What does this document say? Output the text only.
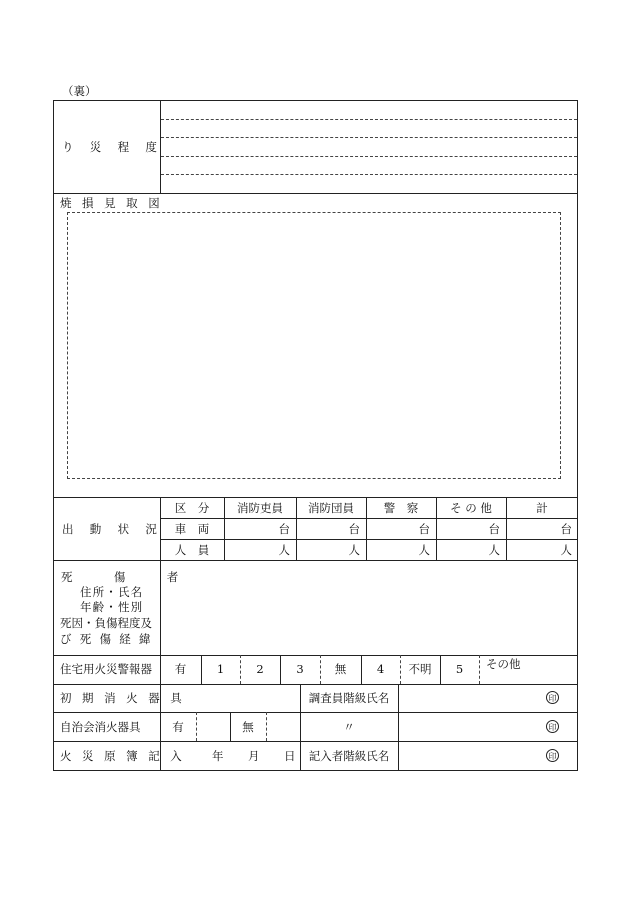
（裏）
り 災 程 度
焼 損 見 取 図
出 動 状 況
区　分	消防吏員	消防団員	警　察	そ の 他	計
車　両	台	台	台	台	台
人　員	人	人	人	人	人
死　傷　者
住所・氏名
年齢・性別
死因・負傷程度及
び 死 傷 経 緯
住宅用火災警報器	有	1	2	3	無	4	不明	5	その他
初 期 消 火 器 具	調査員階級氏名	印
自治会消火器具	有	無	〃	印
火 災 原 簿 記 入 年 月 日	記入者階級氏名	印
